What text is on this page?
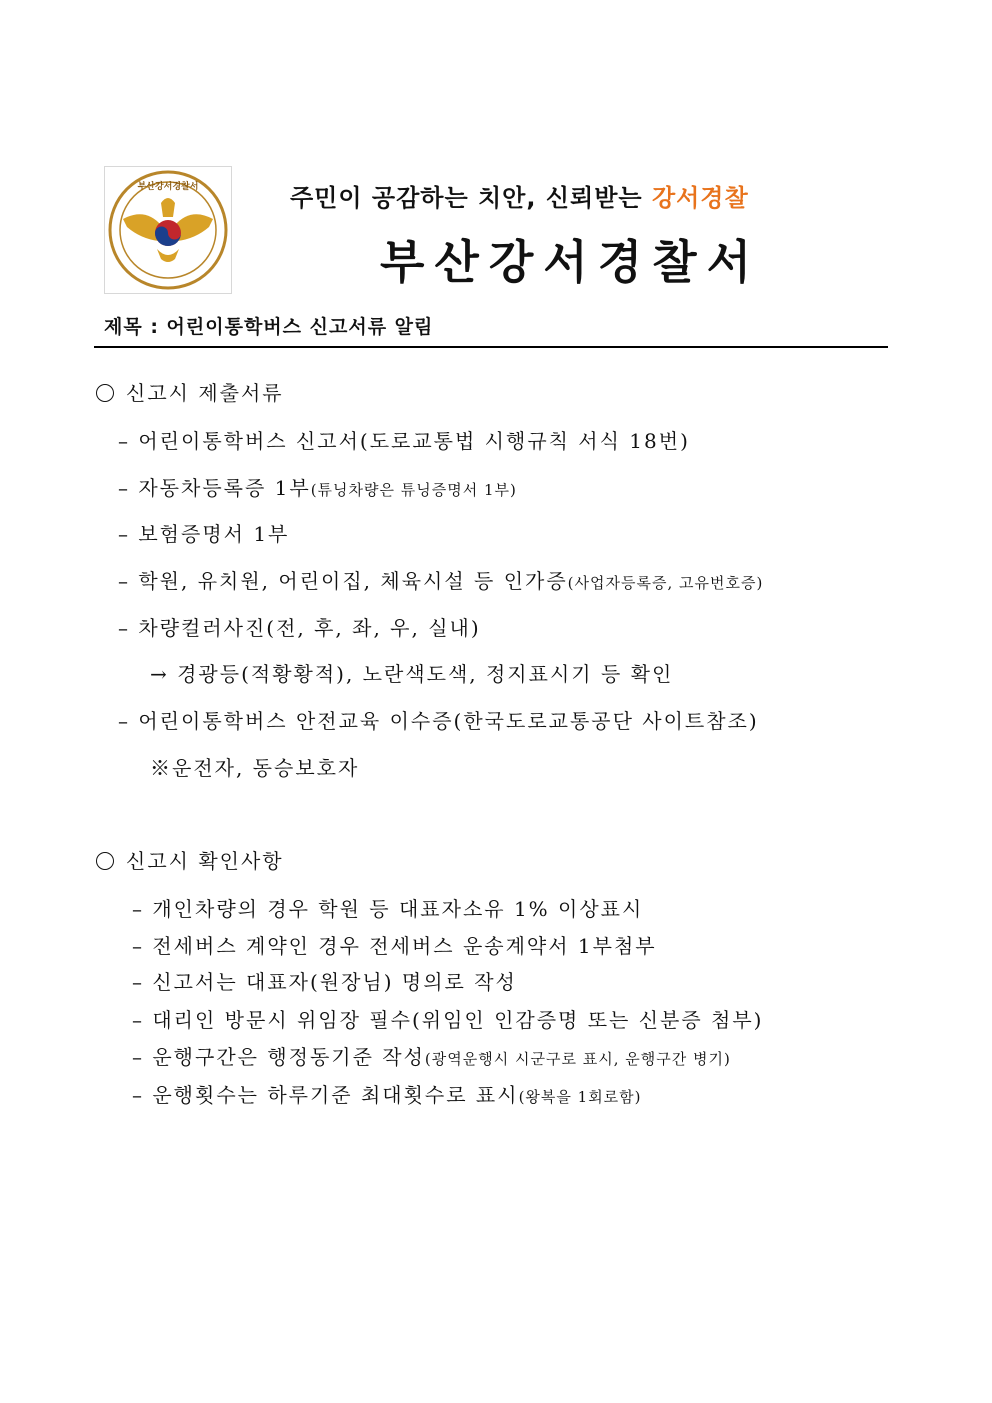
부산강서경찰서	주민이 공감하는 치안, 신뢰받는 강서경찰
부산강서경찰서
제목 : 어린이통학버스 신고서류 알림
신고시 제출서류
– 어린이통학버스 신고서(도로교통법 시행규칙 서식 18번)
– 자동차등록증 1부(튜닝차량은 튜닝증명서 1부)
– 보험증명서 1부
– 학원, 유치원, 어린이집, 체육시설 등 인가증(사업자등록증, 고유번호증)
– 차량컬러사진(전, 후, 좌, 우, 실내)
→ 경광등(적황황적), 노란색도색, 정지표시기 등 확인
– 어린이통학버스 안전교육 이수증(한국도로교통공단 사이트참조)
※운전자, 동승보호자
신고시 확인사항
– 개인차량의 경우 학원 등 대표자소유 1% 이상표시
– 전세버스 계약인 경우 전세버스 운송계약서 1부첨부
– 신고서는 대표자(원장님) 명의로 작성
– 대리인 방문시 위임장 필수(위임인 인감증명 또는 신분증 첨부)
– 운행구간은 행정동기준 작성(광역운행시 시군구로 표시, 운행구간 병기)
– 운행횟수는 하루기준 최대횟수로 표시(왕복을 1회로함)
